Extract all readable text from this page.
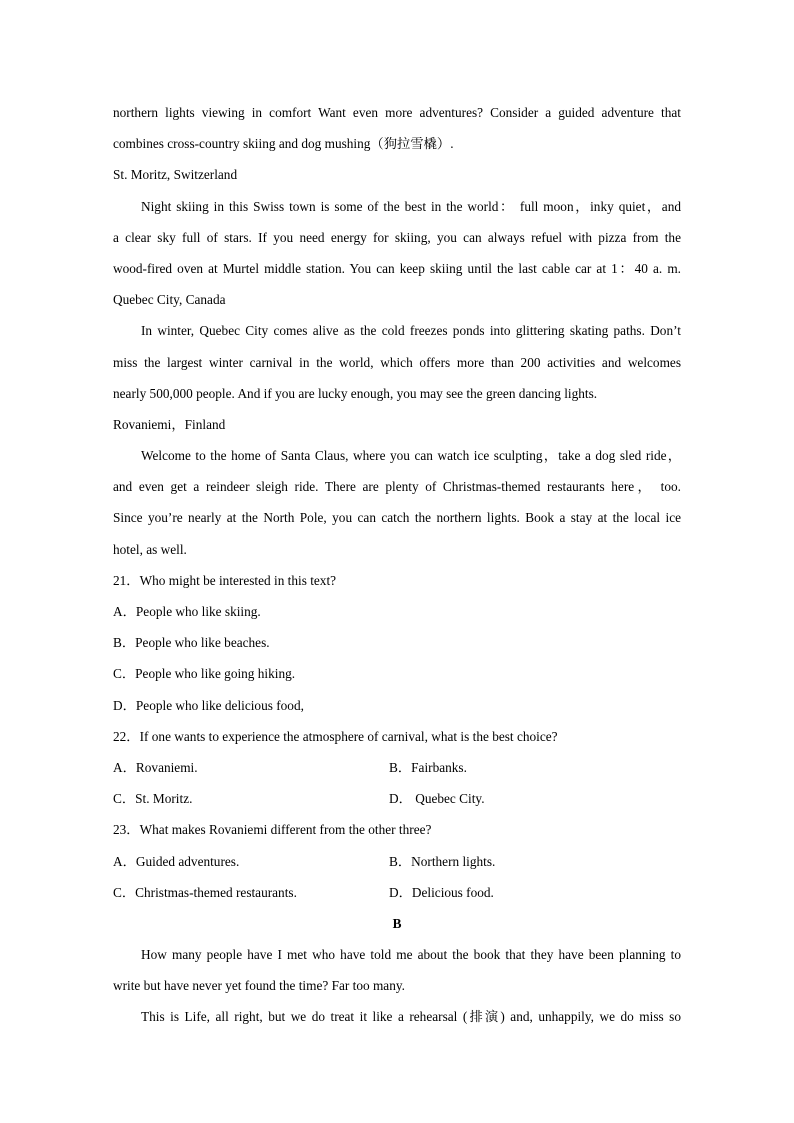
northern lights viewing in comfort Want even more adventures? Consider a guided adventure that
combines cross-country skiing and dog mushing（狗拉雪橇）.
St. Moritz, Switzerland
Night skiing in this Swiss town is some of the best in the world： full moon，inky quiet，and
a clear sky full of stars. If you need energy for skiing, you can always refuel with pizza from the
wood-fired oven at Murtel middle station. You can keep skiing until the last cable car at 1：40 a. m.
Quebec City, Canada
In winter, Quebec City comes alive as the cold freezes ponds into glittering skating paths. Don’t
miss the largest winter carnival in the world, which offers more than 200 activities and welcomes
nearly 500,000 people. And if you are lucky enough, you may see the green dancing lights.
Rovaniemi，Finland
Welcome to the home of Santa Claus, where you can watch ice sculpting，take a dog sled ride，
and even get a reindeer sleigh ride. There are plenty of Christmas-themed restaurants here， too.
Since you’re nearly at the North Pole, you can catch the northern lights. Book a stay at the local ice
hotel, as well.
21．Who might be interested in this text?
A．People who like skiing.
B．People who like beaches.
C．People who like going hiking.
D．People who like delicious food,
22．If one wants to experience the atmosphere of carnival, what is the best choice?
A．Rovaniemi.	B．Fairbanks.
C．St. Moritz.	D． Quebec City.
23．What makes Rovaniemi different from the other three?
A．Guided adventures.	B．Northern lights.
C．Christmas-themed restaurants.	D．Delicious food.
B
How many people have I met who have told me about the book that they have been planning to
write but have never yet found the time? Far too many.
This is Life, all right, but we do treat it like a rehearsal (排演) and, unhappily, we do miss so
